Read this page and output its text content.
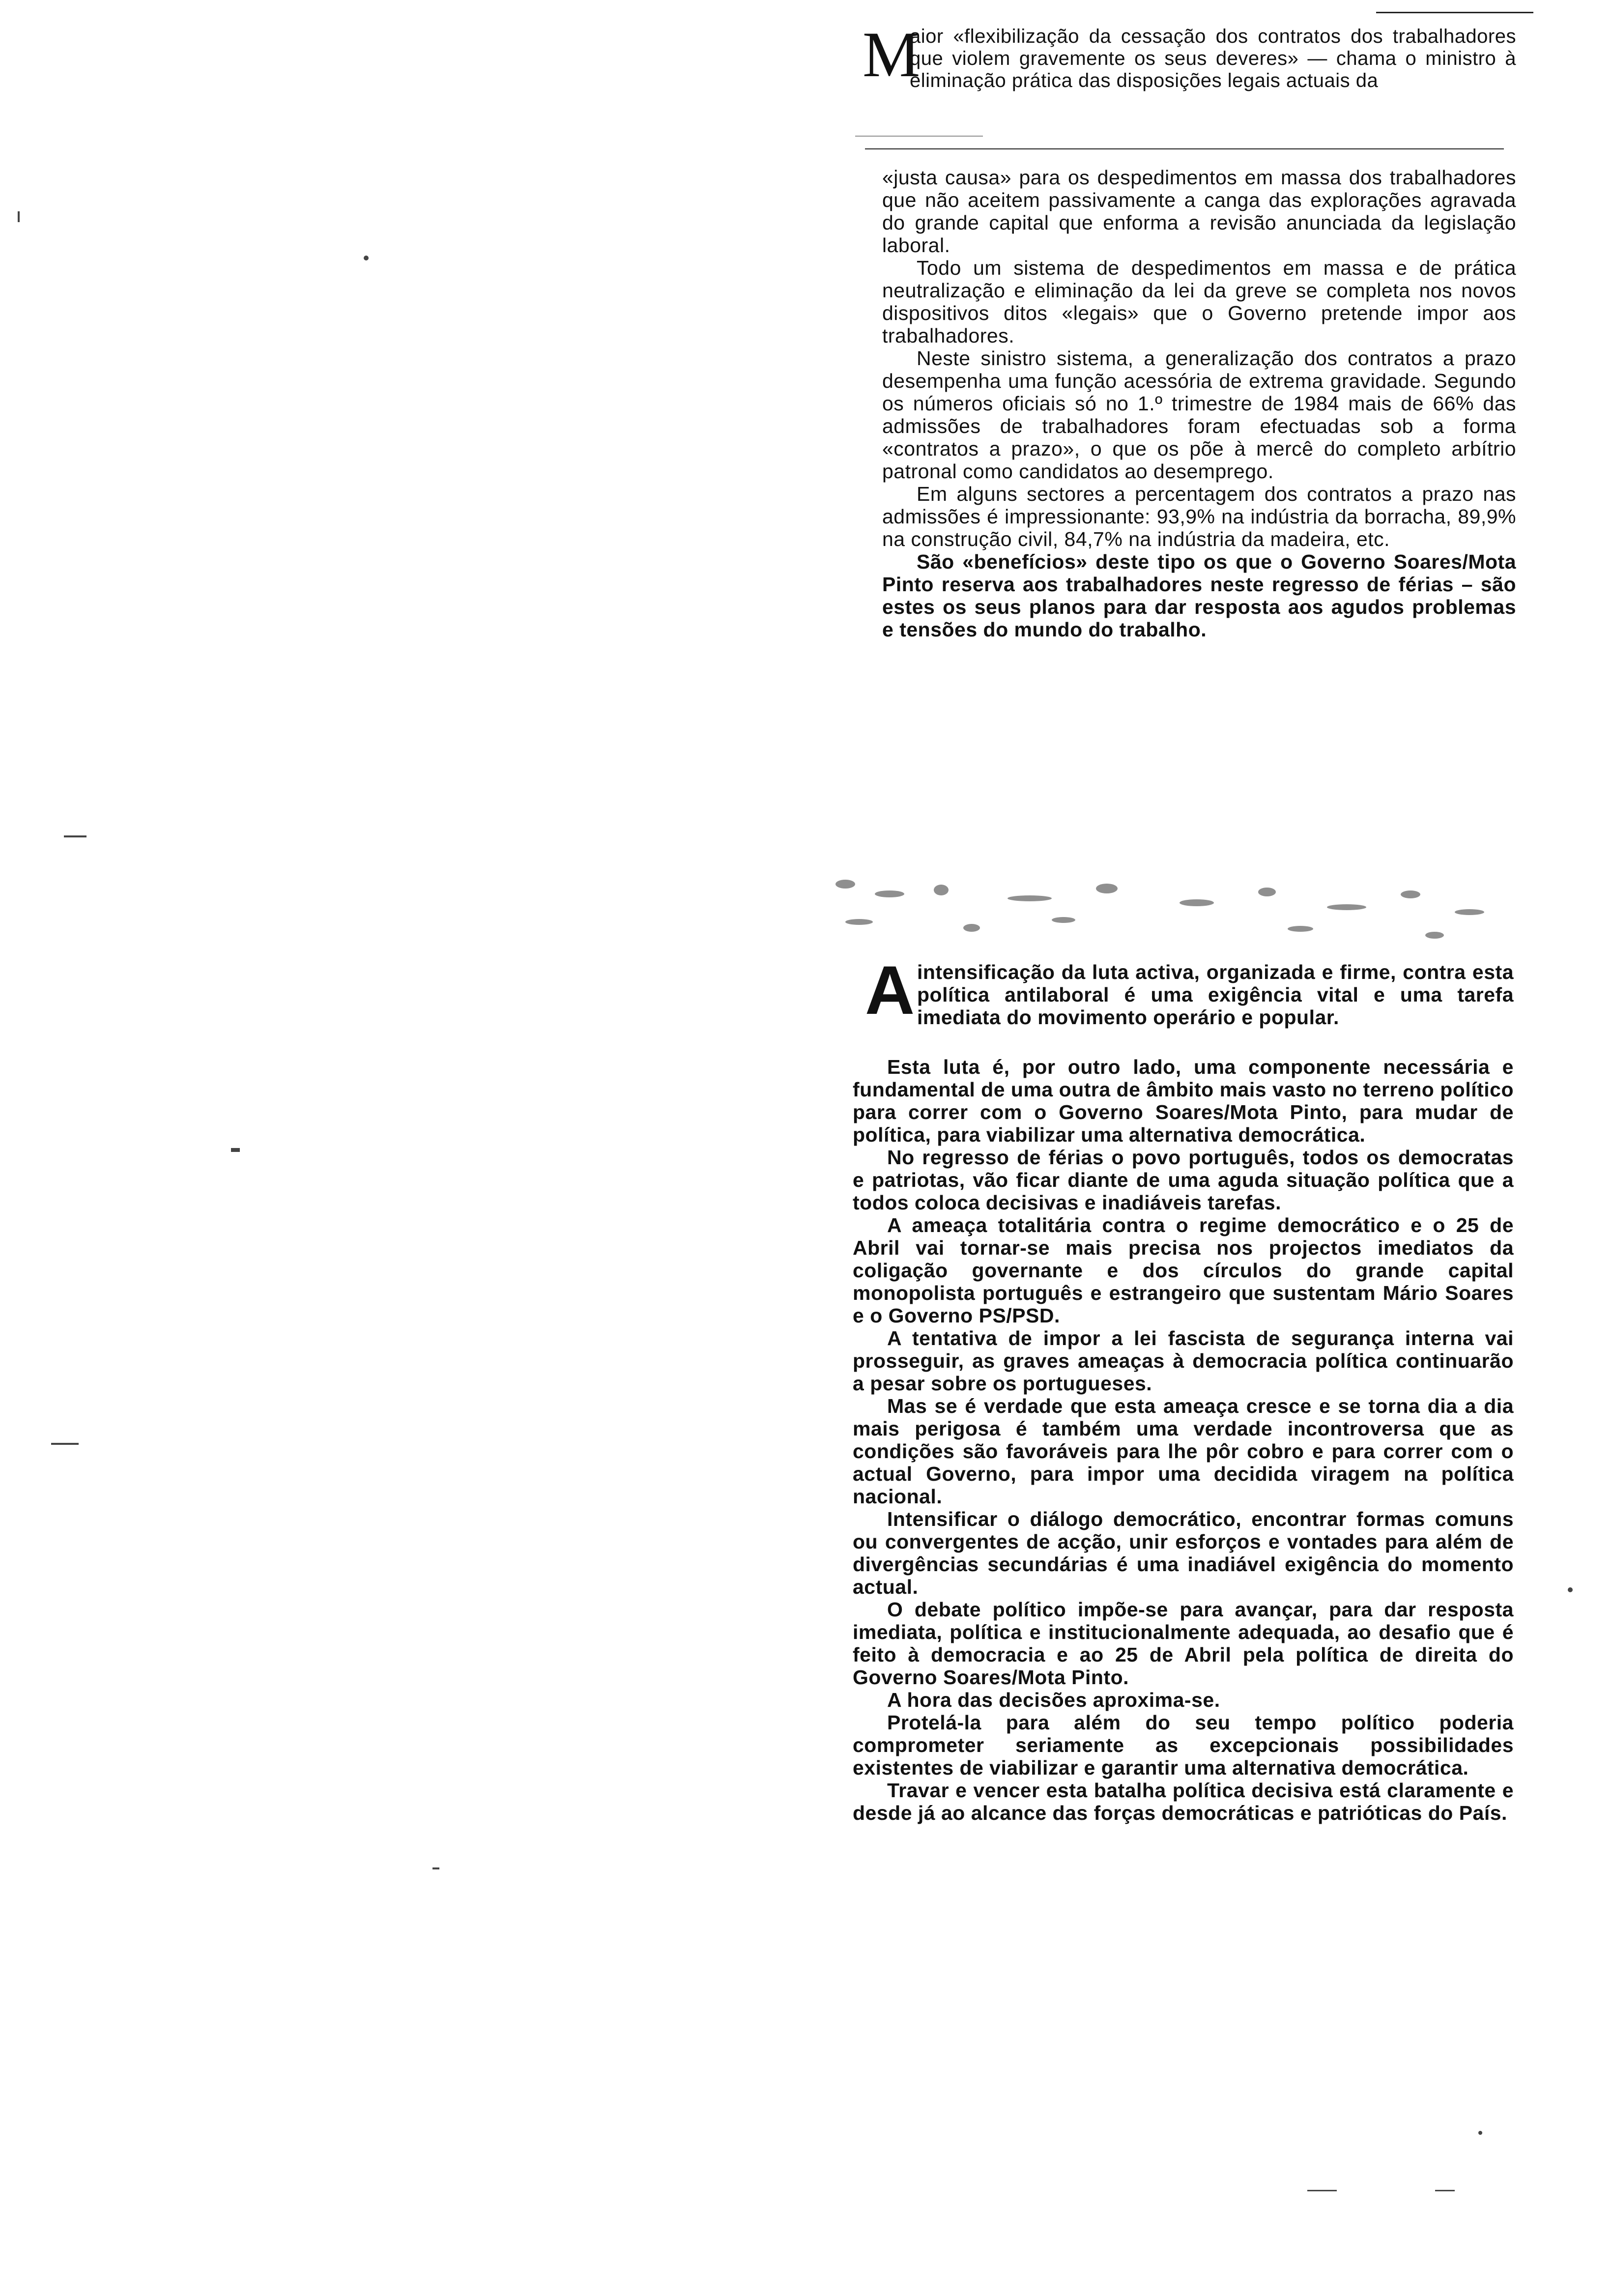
M
aior «flexibilização da cessação dos contratos dos trabalhadores que violem gravemente os seus deveres» — chama o ministro à eliminação prática das disposições legais actuais da

«justa causa» para os despedimentos em massa dos trabalhadores que não aceitem passivamente a canga das explorações agravada do grande capital que enforma a revisão anunciada da legislação laboral.

Todo um sistema de despedimentos em massa e de prática neutralização e eliminação da lei da greve se completa nos novos dispositivos ditos «legais» que o Governo pretende impor aos trabalhadores.

Neste sinistro sistema, a generalização dos contratos a prazo desempenha uma função acessória de extrema gravidade. Segundo os números oficiais só no 1.º trimestre de 1984 mais de 66% das admissões de trabalhadores foram efectuadas sob a forma «contratos a prazo», o que os põe à mercê do completo arbítrio patronal como candidatos ao desemprego.

Em alguns sectores a percentagem dos contratos a prazo nas admissões é impressionante: 93,9% na indústria da borracha, 89,9% na construção civil, 84,7% na indústria da madeira, etc.

São «benefícios» deste tipo os que o Governo Soares/Mota Pinto reserva aos trabalhadores neste regresso de férias – são estes os seus planos para dar resposta aos agudos problemas e tensões do mundo do trabalho.

Aintensificação da luta activa, organizada e firme, contra esta política antilaboral é uma exigência vital e uma tarefa imediata do movimento operário e popular.

Esta luta é, por outro lado, uma componente necessária e fundamental de uma outra de âmbito mais vasto no terreno político para correr com o Governo Soares/Mota Pinto, para mudar de política, para viabilizar uma alternativa democrática.

No regresso de férias o povo português, todos os democratas e patriotas, vão ficar diante de uma aguda situação política que a todos coloca decisivas e inadiáveis tarefas.

A ameaça totalitária contra o regime democrático e o 25 de Abril vai tornar-se mais precisa nos projectos imediatos da coligação governante e dos círculos do grande capital monopolista português e estrangeiro que sustentam Mário Soares e o Governo PS/PSD.

A tentativa de impor a lei fascista de segurança interna vai prosseguir, as graves ameaças à democracia política continuarão a pesar sobre os portugueses.

Mas se é verdade que esta ameaça cresce e se torna dia a dia mais perigosa é também uma verdade incontroversa que as condições são favoráveis para lhe pôr cobro e para correr com o actual Governo, para impor uma decidida viragem na política nacional.

Intensificar o diálogo democrático, encontrar formas comuns ou convergentes de acção, unir esforços e vontades para além de divergências secundárias é uma inadiável exigência do momento actual.

O debate político impõe-se para avançar, para dar resposta imediata, política e institucionalmente adequada, ao desafio que é feito à democracia e ao 25 de Abril pela política de direita do Governo Soares/Mota Pinto.

A hora das decisões aproxima-se.

Protelá-la para além do seu tempo político poderia comprometer seriamente as excepcionais possibilidades existentes de viabilizar e garantir uma alternativa democrática.

Travar e vencer esta batalha política decisiva está claramente e desde já ao alcance das forças democráticas e patrióticas do País.
